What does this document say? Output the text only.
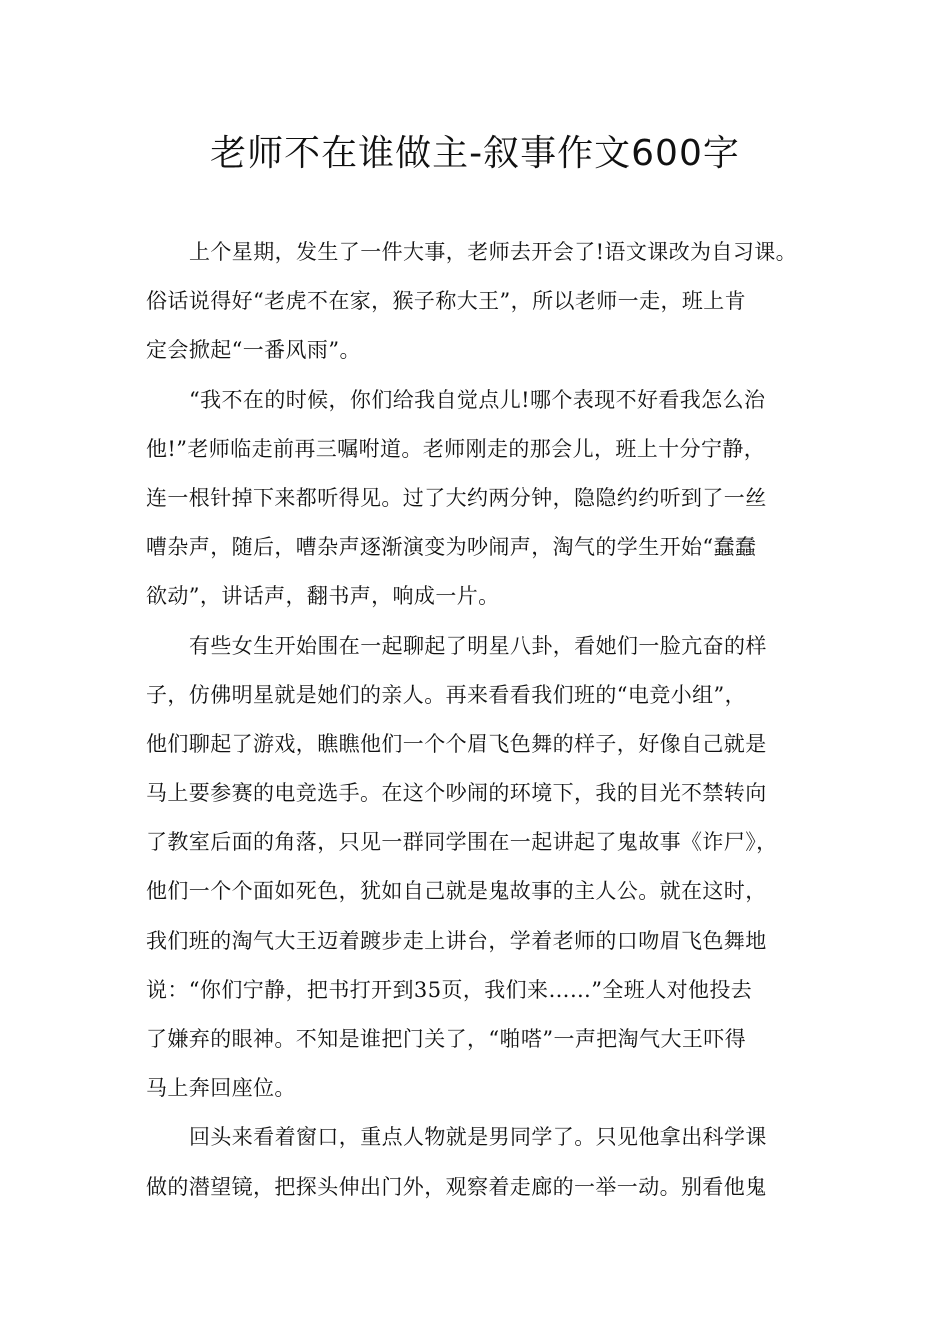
老师不在谁做主-叙事作文600字
上个星期，发生了一件大事，老师去开会了!语文课改为自习课。
俗话说得好“老虎不在家，猴子称大王”，所以老师一走，班上肯
定会掀起“一番风雨”。
“我不在的时候，你们给我自觉点儿!哪个表现不好看我怎么治
他!”老师临走前再三嘱咐道。老师刚走的那会儿，班上十分宁静，
连一根针掉下来都听得见。过了大约两分钟，隐隐约约听到了一丝
嘈杂声，随后，嘈杂声逐渐演变为吵闹声，淘气的学生开始“蠢蠢
欲动”，讲话声，翻书声，响成一片。
有些女生开始围在一起聊起了明星八卦，看她们一脸亢奋的样
子，仿佛明星就是她们的亲人。再来看看我们班的“电竞小组”，
他们聊起了游戏，瞧瞧他们一个个眉飞色舞的样子，好像自己就是
马上要参赛的电竞选手。在这个吵闹的环境下，我的目光不禁转向
了教室后面的角落，只见一群同学围在一起讲起了鬼故事《诈尸》，
他们一个个面如死色，犹如自己就是鬼故事的主人公。就在这时，
我们班的淘气大王迈着踱步走上讲台，学着老师的口吻眉飞色舞地
说：“你们宁静，把书打开到35页，我们来……”全班人对他投去
了嫌弃的眼神。不知是谁把门关了，“啪嗒”一声把淘气大王吓得
马上奔回座位。
回头来看着窗口，重点人物就是男同学了。只见他拿出科学课
做的潜望镜，把探头伸出门外，观察着走廊的一举一动。别看他鬼
